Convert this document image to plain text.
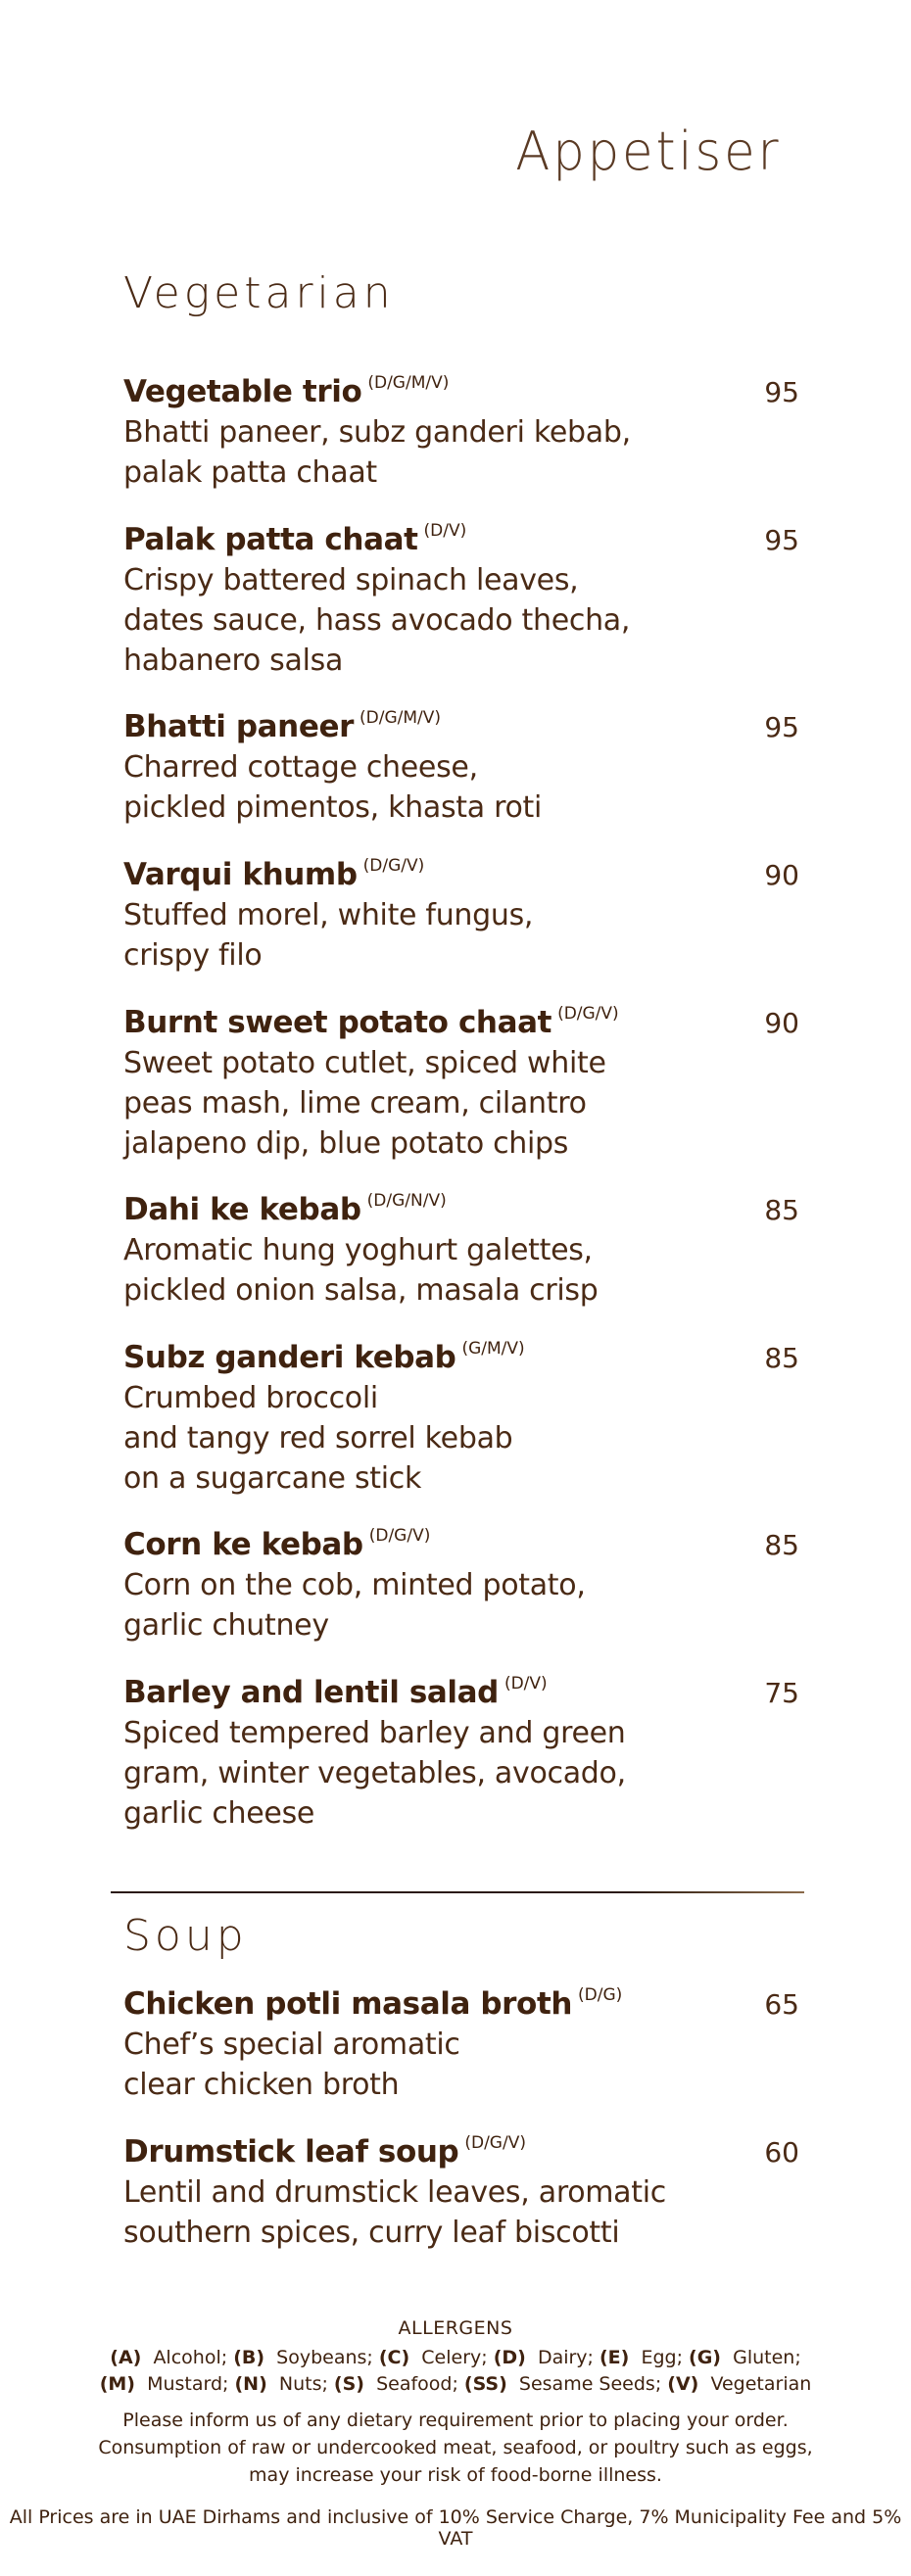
Appetiser
Vegetarian
Vegetable trio (D/G/M/V)
Bhatti paneer, subz ganderi kebab,
palak patta chaat
95
Palak patta chaat (D/V)
Crispy battered spinach leaves,
dates sauce, hass avocado thecha,
habanero salsa
95
Bhatti paneer (D/G/M/V)
Charred cottage cheese,
pickled pimentos, khasta roti
95
Varqui khumb (D/G/V)
Stuffed morel, white fungus,
crispy filo
90
Burnt sweet potato chaat (D/G/V)
Sweet potato cutlet, spiced white
peas mash, lime cream, cilantro
jalapeno dip, blue potato chips
90
Dahi ke kebab (D/G/N/V)
Aromatic hung yoghurt galettes,
pickled onion salsa, masala crisp
85
Subz ganderi kebab (G/M/V)
Crumbed broccoli
and tangy red sorrel kebab
on a sugarcane stick
85
Corn ke kebab (D/G/V)
Corn on the cob, minted potato,
garlic chutney
85
Barley and lentil salad (D/V)
Spiced tempered barley and green
gram, winter vegetables, avocado,
garlic cheese
75
Soup
Chicken potli masala broth (D/G)
Chef’s special aromatic
clear chicken broth
65
Drumstick leaf soup (D/G/V)
Lentil and drumstick leaves, aromatic
southern spices, curry leaf biscotti
60
ALLERGENS
(A) Alcohol; (B) Soybeans; (C) Celery; (D) Dairy; (E) Egg; (G) Gluten;
(M) Mustard; (N) Nuts; (S) Seafood; (SS) Sesame Seeds; (V) Vegetarian
Please inform us of any dietary requirement prior to placing your order.
Consumption of raw or undercooked meat, seafood, or poultry such as eggs,
may increase your risk of food-borne illness.
All Prices are in UAE Dirhams and inclusive of 10% Service Charge, 7% Municipality Fee and 5% VAT
